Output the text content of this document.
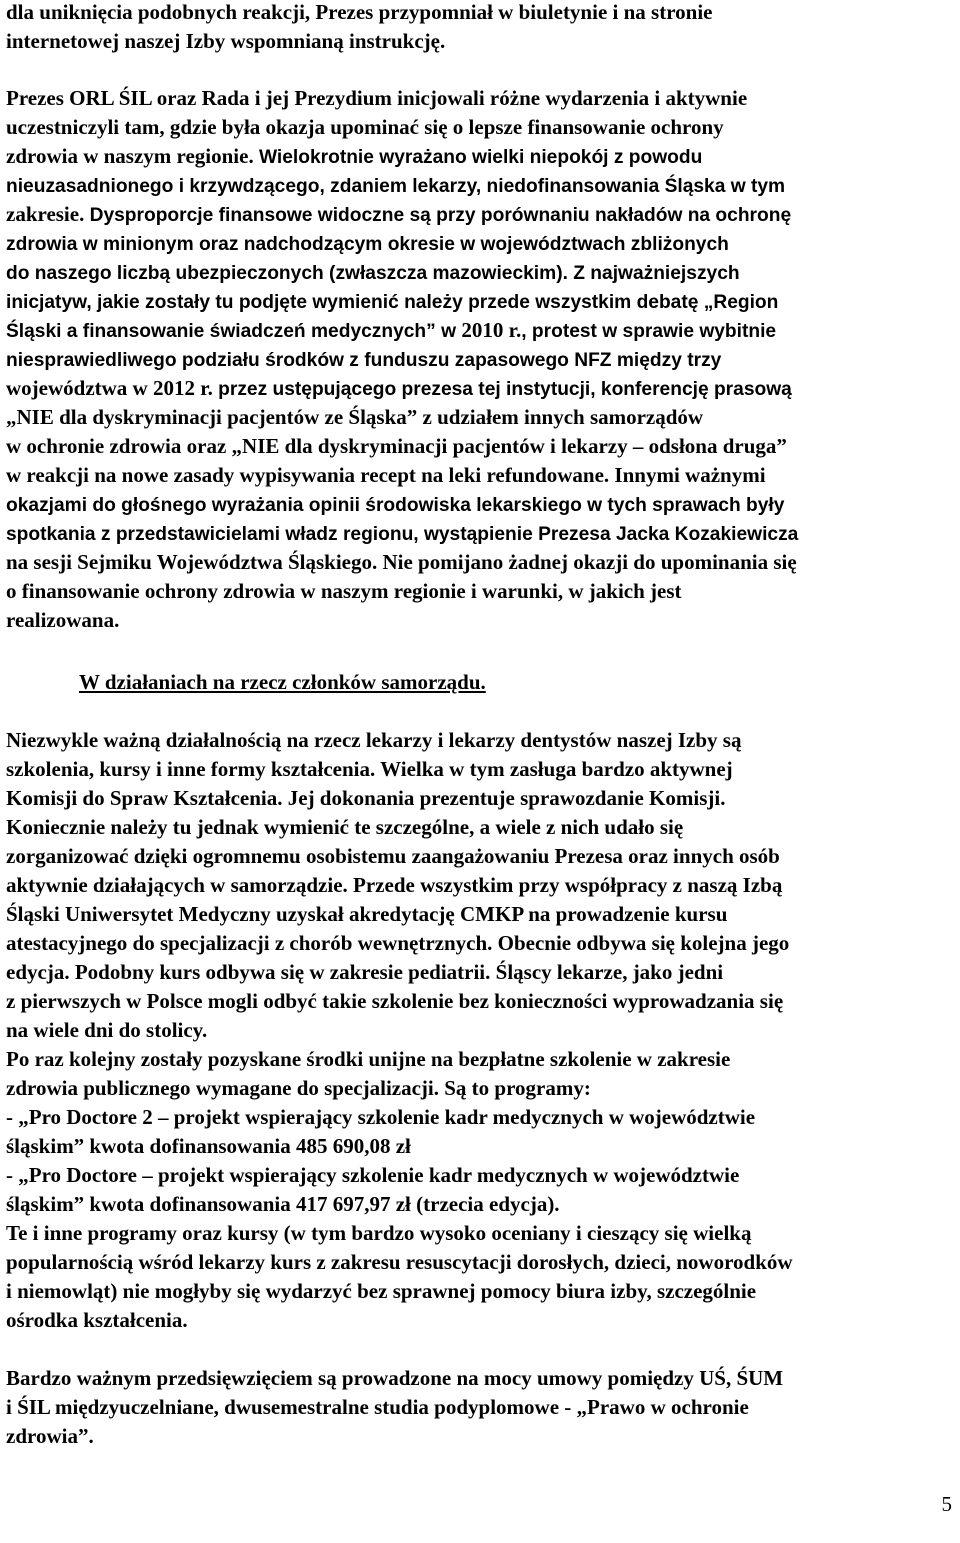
dla uniknięcia podobnych reakcji, Prezes przypomniał w biuletynie i na stronie
internetowej naszej Izby wspomnianą instrukcję.
Prezes ORL ŚIL oraz Rada i jej Prezydium inicjowali różne wydarzenia i aktywnie
uczestniczyli tam, gdzie była okazja upominać się o lepsze finansowanie ochrony
zdrowia w naszym regionie. Wielokrotnie wyrażano wielki niepokój z powodu
nieuzasadnionego i krzywdzącego, zdaniem lekarzy, niedofinansowania Śląska w tym
zakresie. Dysproporcje finansowe widoczne są przy porównaniu nakładów na ochronę
zdrowia w minionym oraz nadchodzącym okresie w województwach zbliżonych
do naszego liczbą ubezpieczonych (zwłaszcza mazowieckim). Z najważniejszych
inicjatyw, jakie zostały tu podjęte wymienić należy przede wszystkim debatę „Region
Śląski a finansowanie świadczeń medycznych” w 2010 r., protest w sprawie wybitnie
niesprawiedliwego podziału środków z funduszu zapasowego NFZ między trzy
województwa w 2012 r. przez ustępującego prezesa tej instytucji, konferencję prasową
„NIE dla dyskryminacji pacjentów ze Śląska” z udziałem innych samorządów
w ochronie zdrowia oraz „NIE dla dyskryminacji pacjentów i lekarzy – odsłona druga”
w reakcji na nowe zasady wypisywania recept na leki refundowane. Innymi ważnymi
okazjami do głośnego wyrażania opinii środowiska lekarskiego w tych sprawach były
spotkania z przedstawicielami władz regionu, wystąpienie Prezesa Jacka Kozakiewicza
na sesji Sejmiku Województwa Śląskiego. Nie pomijano żadnej okazji do upominania się
o finansowanie ochrony zdrowia w naszym regionie i warunki, w jakich jest
realizowana.
W działaniach na rzecz członków samorządu.
Niezwykle ważną działalnością na rzecz lekarzy i lekarzy dentystów naszej Izby są
szkolenia, kursy i inne formy kształcenia. Wielka w tym zasługa bardzo aktywnej
Komisji do Spraw Kształcenia. Jej dokonania prezentuje sprawozdanie Komisji.
Koniecznie należy tu jednak wymienić te szczególne, a wiele z nich udało się
zorganizować dzięki ogromnemu osobistemu zaangażowaniu Prezesa oraz innych osób
aktywnie działających w samorządzie. Przede wszystkim przy współpracy z naszą Izbą
Śląski Uniwersytet Medyczny uzyskał akredytację CMKP na prowadzenie kursu
atestacyjnego do specjalizacji z chorób wewnętrznych. Obecnie odbywa się kolejna jego
edycja. Podobny kurs odbywa się w zakresie pediatrii. Śląscy lekarze, jako jedni
z pierwszych w Polsce mogli odbyć takie szkolenie bez konieczności wyprowadzania się
na wiele dni do stolicy.
Po raz kolejny zostały pozyskane środki unijne na bezpłatne szkolenie w zakresie
zdrowia publicznego wymagane do specjalizacji. Są to programy:
- „Pro Doctore 2 – projekt wspierający szkolenie kadr medycznych w województwie
śląskim” kwota dofinansowania 485 690,08 zł
- „Pro Doctore – projekt wspierający szkolenie kadr medycznych w województwie
śląskim” kwota dofinansowania 417 697,97 zł (trzecia edycja).
Te i inne programy oraz kursy (w tym bardzo wysoko oceniany i cieszący się wielką
popularnością wśród lekarzy kurs z zakresu resuscytacji dorosłych, dzieci, noworodków
i niemowląt) nie mogłyby się wydarzyć bez sprawnej pomocy biura izby, szczególnie
ośrodka kształcenia.
Bardzo ważnym przedsięwzięciem są prowadzone na mocy umowy pomiędzy UŚ, ŚUM
i ŚIL międzyuczelniane, dwusemestralne studia podyplomowe - „Prawo w ochronie
zdrowia”.
5
